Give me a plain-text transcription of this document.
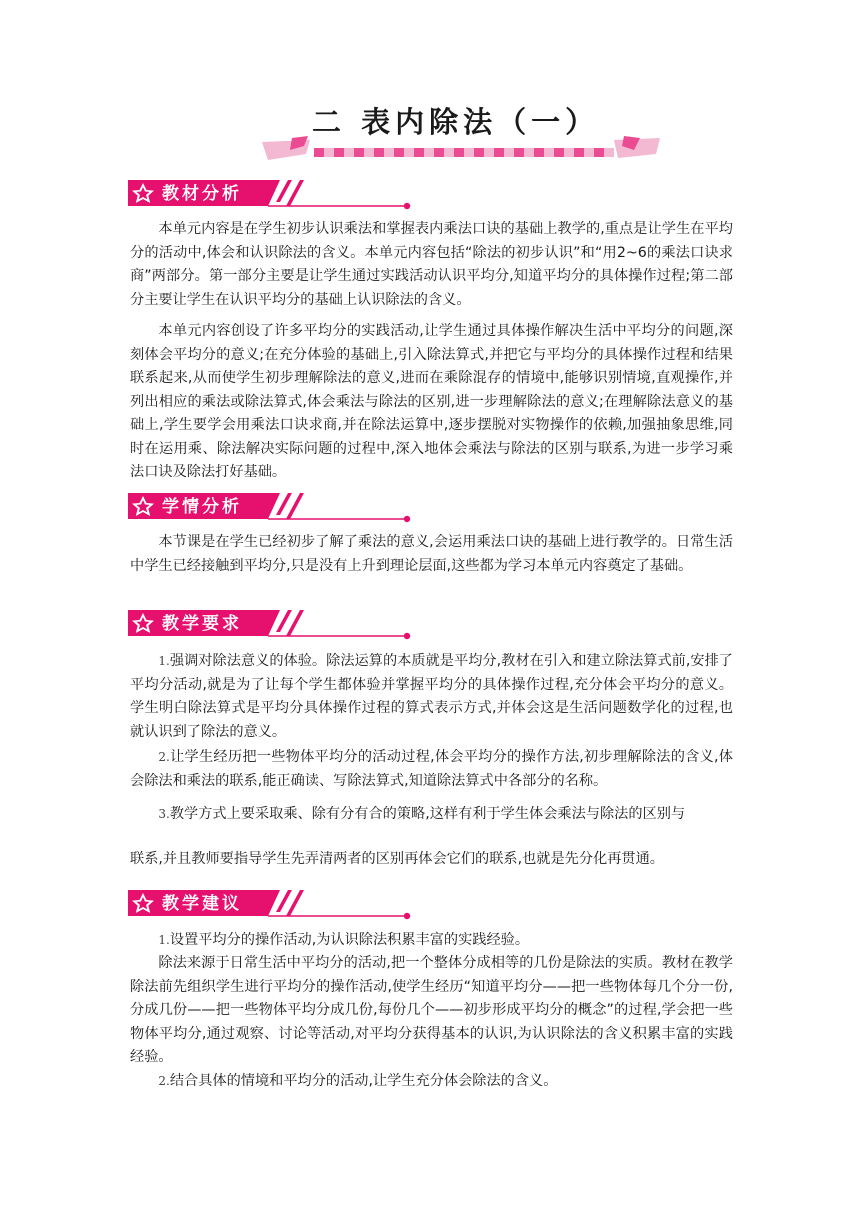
二 表内除法（一）
教材分析

本单元内容是在学生初步认识乘法和掌握表内乘法口诀的基础上教学的,重点是让学生在平均分的活动中,体会和认识除法的含义。本单元内容包括“除法的初步认识”和“用2~6的乘法口诀求商”两部分。第一部分主要是让学生通过实践活动认识平均分,知道平均分的具体操作过程;第二部分主要让学生在认识平均分的基础上认识除法的含义。

本单元内容创设了许多平均分的实践活动,让学生通过具体操作解决生活中平均分的问题,深刻体会平均分的意义;在充分体验的基础上,引入除法算式,并把它与平均分的具体操作过程和结果联系起来,从而使学生初步理解除法的意义,进而在乘除混存的情境中,能够识别情境,直观操作,并列出相应的乘法或除法算式,体会乘法与除法的区别,进一步理解除法的意义;在理解除法意义的基础上,学生要学会用乘法口诀求商,并在除法运算中,逐步摆脱对实物操作的依赖,加强抽象思维,同时在运用乘、除法解决实际问题的过程中,深入地体会乘法与除法的区别与联系,为进一步学习乘法口诀及除法打好基础。

学情分析

本节课是在学生已经初步了解了乘法的意义,会运用乘法口诀的基础上进行教学的。日常生活中学生已经接触到平均分,只是没有上升到理论层面,这些都为学习本单元内容奠定了基础。

教学要求

1.强调对除法意义的体验。除法运算的本质就是平均分,教材在引入和建立除法算式前,安排了平均分活动,就是为了让每个学生都体验并掌握平均分的具体操作过程,充分体会平均分的意义。学生明白除法算式是平均分具体操作过程的算式表示方式,并体会这是生活问题数学化的过程,也就认识到了除法的意义。

2.让学生经历把一些物体平均分的活动过程,体会平均分的操作方法,初步理解除法的含义,体会除法和乘法的联系,能正确读、写除法算式,知道除法算式中各部分的名称。

3.教学方式上要采取乘、除有分有合的策略,这样有利于学生体会乘法与除法的区别与

联系,并且教师要指导学生先弄清两者的区别再体会它们的联系,也就是先分化再贯通。

教学建议

1.设置平均分的操作活动,为认识除法积累丰富的实践经验。

除法来源于日常生活中平均分的活动,把一个整体分成相等的几份是除法的实质。教材在教学除法前先组织学生进行平均分的操作活动,使学生经历“知道平均分——把一些物体每几个分一份,分成几份——把一些物体平均分成几份,每份几个——初步形成平均分的概念”的过程,学会把一些物体平均分,通过观察、讨论等活动,对平均分获得基本的认识,为认识除法的含义积累丰富的实践经验。

2.结合具体的情境和平均分的活动,让学生充分体会除法的含义。
